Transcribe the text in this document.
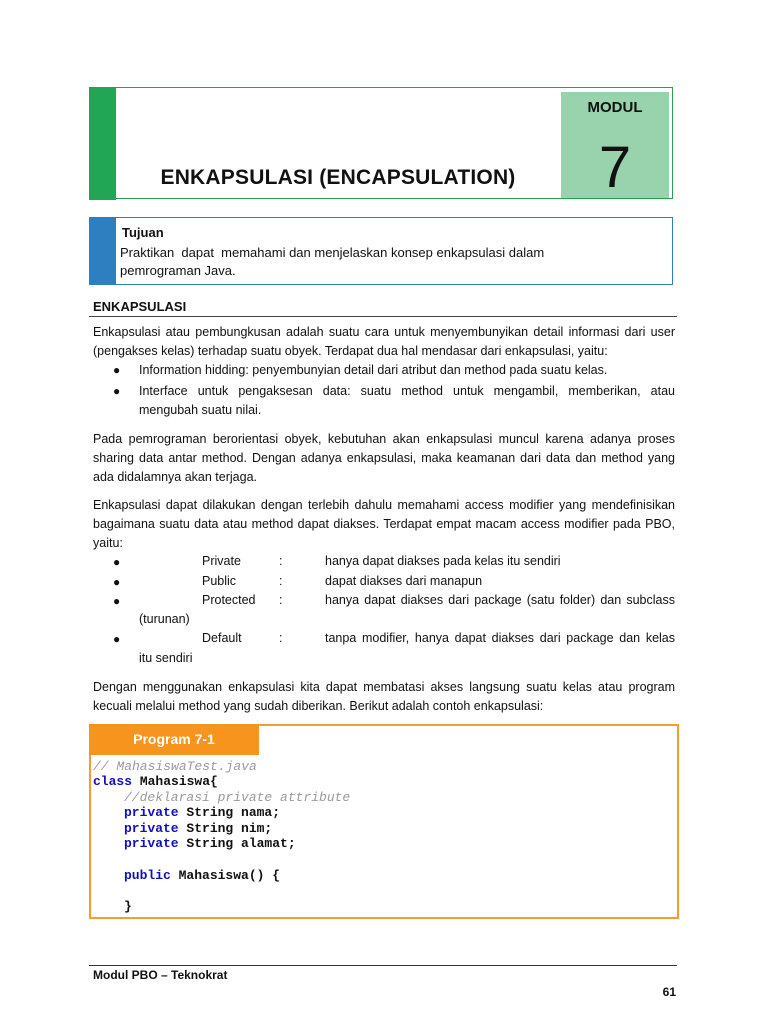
ENKAPSULASI (ENCAPSULATION)
MODUL
7
Tujuan
Praktikan  dapat  memahami dan menjelaskan konsep enkapsulasi dalam
pemrograman Java.
ENKAPSULASI
Enkapsulasi atau pembungkusan adalah suatu cara untuk menyembunyikan detail informasi dari user (pengakses kelas) terhadap suatu obyek. Terdapat dua hal mendasar dari enkapsulasi, yaitu:
● Information hidding: penyembunyian detail dari atribut dan method pada suatu kelas.
● Interface untuk pengaksesan data: suatu method untuk mengambil, memberikan, atau mengubah suatu nilai.
Pada pemrograman berorientasi obyek, kebutuhan akan enkapsulasi muncul karena adanya proses sharing data antar method. Dengan adanya enkapsulasi, maka keamanan dari data dan method yang ada didalamnya akan terjaga.
Enkapsulasi dapat dilakukan dengan terlebih dahulu memahami access modifier yang mendefinisikan bagaimana suatu data atau method dapat diakses. Terdapat empat macam access modifier pada PBO, yaitu:
●	Private	:	hanya dapat diakses pada kelas itu sendiri
●	Public	:	dapat diakses dari manapun
●	Protected :	hanya dapat diakses dari package (satu folder) dan subclass
(turunan)
●	Default	:	tanpa modifier, hanya dapat diakses dari package dan kelas
itu sendiri
Dengan menggunakan enkapsulasi kita dapat membatasi akses langsung suatu kelas atau program kecuali melalui method yang sudah diberikan. Berikut adalah contoh enkapsulasi:
Program 7-1
// MahasiswaTest.java
class Mahasiswa{
//deklarasi private attribute
private String nama;
private String nim;
private String alamat;
public Mahasiswa() {
}
Modul PBO – Teknokrat
61
